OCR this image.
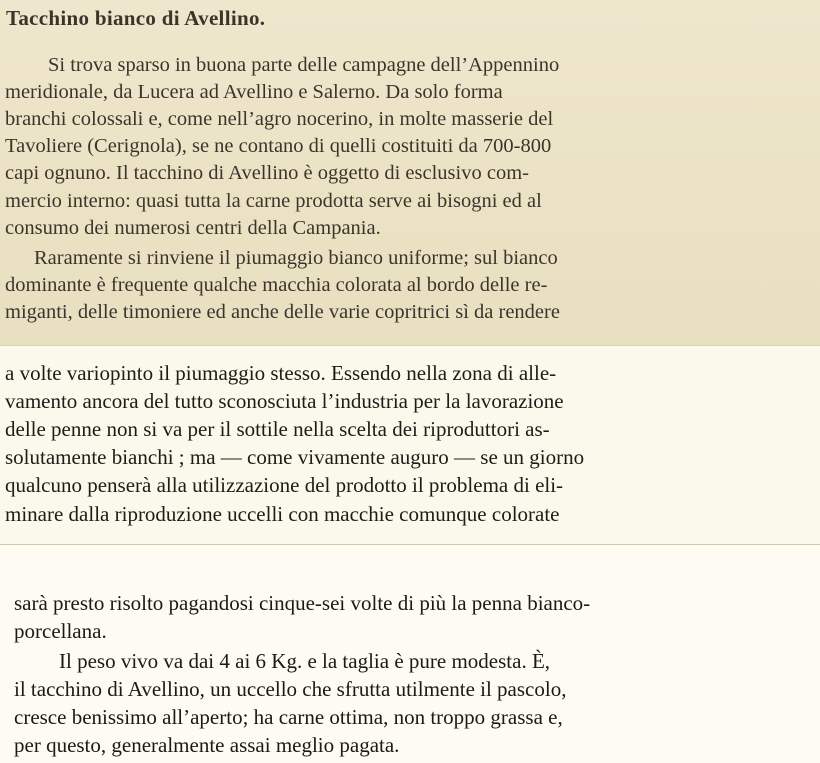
Tacchino bianco di Avellino.
Si trova sparso in buona parte delle campagne dell’Appennino
meridionale, da Lucera ad Avellino e Salerno. Da solo forma
branchi colossali e, come nell’agro nocerino, in molte masserie del
Tavoliere (Cerignola), se ne contano di quelli costituiti da 700-800
capi ognuno. Il tacchino di Avellino è oggetto di esclusivo com-
mercio interno: quasi tutta la carne prodotta serve ai bisogni ed al
consumo dei numerosi centri della Campania.
Raramente si rinviene il piumaggio bianco uniforme; sul bianco
dominante è frequente qualche macchia colorata al bordo delle re-
miganti, delle timoniere ed anche delle varie copritrici sì da rendere
a volte variopinto il piumaggio stesso. Essendo nella zona di alle-
vamento ancora del tutto sconosciuta l’industria per la lavorazione
delle penne non si va per il sottile nella scelta dei riproduttori as-
solutamente bianchi ; ma — come vivamente auguro — se un giorno
qualcuno penserà alla utilizzazione del prodotto il problema di eli-
minare dalla riproduzione uccelli con macchie comunque colorate
sarà presto risolto pagandosi cinque-sei volte di più la penna bianco-
porcellana.
Il peso vivo va dai 4 ai 6 Kg. e la taglia è pure modesta. È,
il tacchino di Avellino, un uccello che sfrutta utilmente il pascolo,
cresce benissimo all’aperto; ha carne ottima, non troppo grassa e,
per questo, generalmente assai meglio pagata.
